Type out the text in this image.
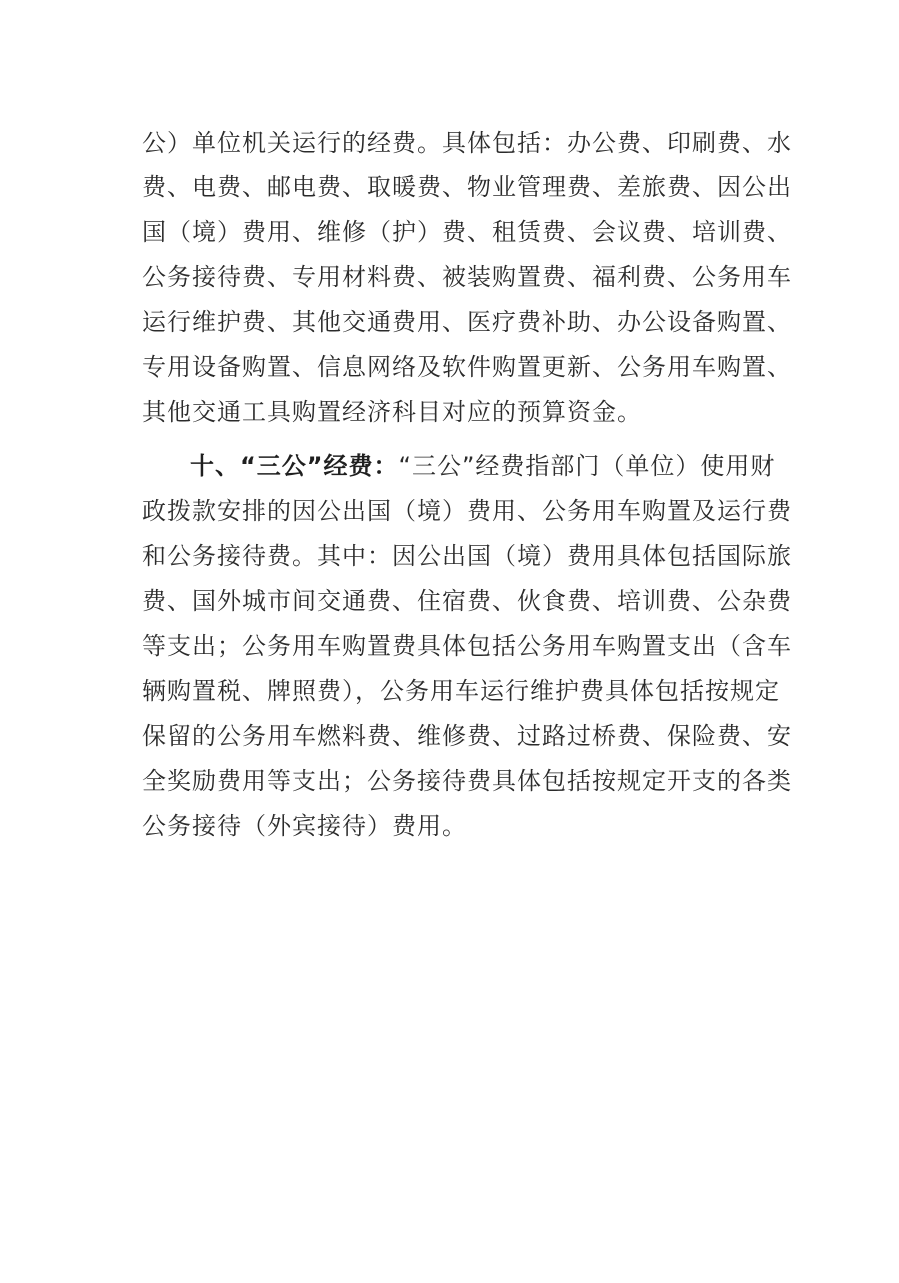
公）单位机关运行的经费。具体包括：办公费、印刷费、水
费、电费、邮电费、取暖费、物业管理费、差旅费、因公出
国（境）费用、维修（护）费、租赁费、会议费、培训费、
公务接待费、专用材料费、被装购置费、福利费、公务用车
运行维护费、其他交通费用、医疗费补助、办公设备购置、
专用设备购置、信息网络及软件购置更新、公务用车购置、
其他交通工具购置经济科目对应的预算资金。
十、“三公”经费：“三公”经费指部门（单位）使用财
政拨款安排的因公出国（境）费用、公务用车购置及运行费
和公务接待费。其中：因公出国（境）费用具体包括国际旅
费、国外城市间交通费、住宿费、伙食费、培训费、公杂费
等支出；公务用车购置费具体包括公务用车购置支出（含车
辆购置税、牌照费），公务用车运行维护费具体包括按规定
保留的公务用车燃料费、维修费、过路过桥费、保险费、安
全奖励费用等支出；公务接待费具体包括按规定开支的各类
公务接待（外宾接待）费用。
